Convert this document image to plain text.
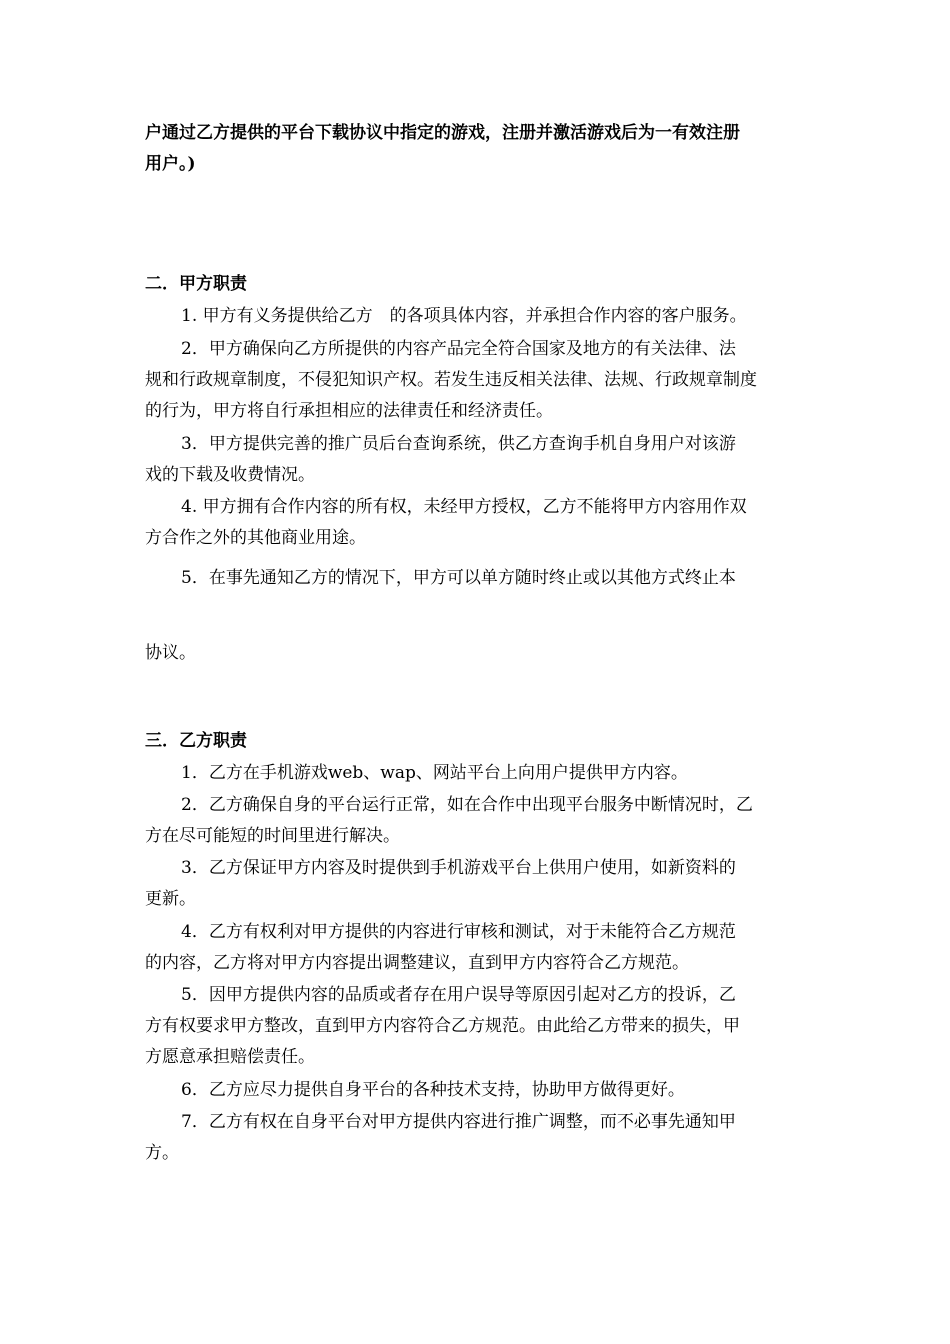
户通过乙方提供的平台下载协议中指定的游戏，注册并激活游戏后为一有效注册
用户。)
二．甲方职责
1. 甲方有义务提供给乙方　的各项具体内容，并承担合作内容的客户服务。
2．甲方确保向乙方所提供的内容产品完全符合国家及地方的有关法律、法
规和行政规章制度，不侵犯知识产权。若发生违反相关法律、法规、行政规章制度
的行为，甲方将自行承担相应的法律责任和经济责任。
3．甲方提供完善的推广员后台查询系统，供乙方查询手机自身用户对该游
戏的下载及收费情况。
4. 甲方拥有合作内容的所有权，未经甲方授权，乙方不能将甲方内容用作双
方合作之外的其他商业用途。
5．在事先通知乙方的情况下，甲方可以单方随时终止或以其他方式终止本
协议。
三．乙方职责
1．乙方在手机游戏web、wap、网站平台上向用户提供甲方内容。
2．乙方确保自身的平台运行正常，如在合作中出现平台服务中断情况时，乙
方在尽可能短的时间里进行解决。
3．乙方保证甲方内容及时提供到手机游戏平台上供用户使用，如新资料的
更新。
4．乙方有权利对甲方提供的内容进行审核和测试，对于未能符合乙方规范
的内容，乙方将对甲方内容提出调整建议，直到甲方内容符合乙方规范。
5．因甲方提供内容的品质或者存在用户误导等原因引起对乙方的投诉，乙
方有权要求甲方整改，直到甲方内容符合乙方规范。由此给乙方带来的损失，甲
方愿意承担赔偿责任。
6．乙方应尽力提供自身平台的各种技术支持，协助甲方做得更好。
7．乙方有权在自身平台对甲方提供内容进行推广调整，而不必事先通知甲
方。
